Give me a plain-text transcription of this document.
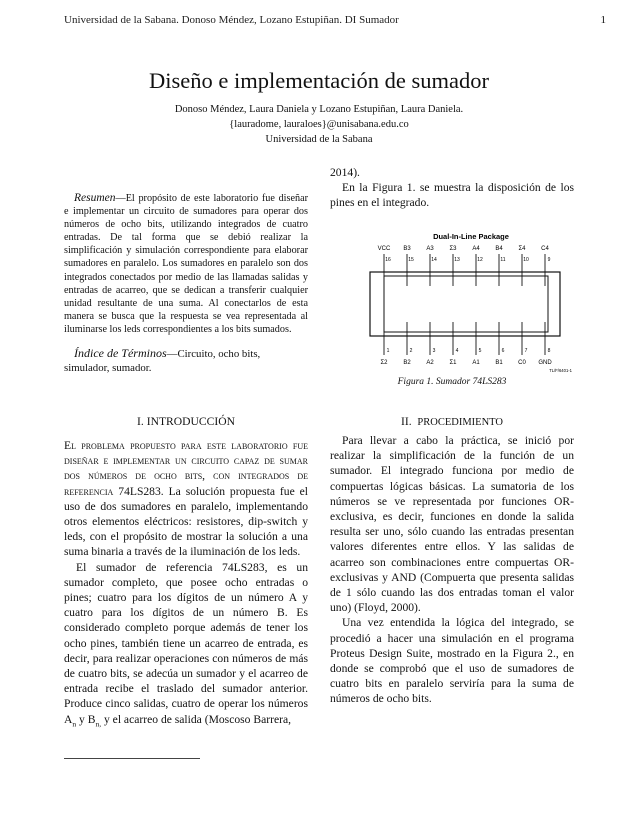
Universidad de la Sabana. Donoso Méndez, Lozano Estupiñan. DI Sumador	1
Diseño e implementación de sumador
Donoso Méndez, Laura Daniela y Lozano Estupiñan, Laura Daniela.
{lauradome, lauraloes}@unisabana.edu.co
Universidad de la Sabana

Resumen—El propósito de este laboratorio fue diseñar e implementar un circuito de sumadores para operar dos números de ocho bits, utilizando integrados de cuatro entradas. De tal forma que se debió realizar la simplificación y simulación correspondiente para elaborar sumadores en paralelo. Los sumadores en paralelo son dos integrados conectados por medio de las llamadas salidas y entradas de acarreo, que se dedican a transferir cualquier unidad resultante de una suma. Al conectarlos de esta manera se busca que la respuesta se vea representada al iluminarse los leds correspondientes a los bits sumados.

Índice de Términos—Circuito, ocho bits, simulador, sumador.
I. INTRODUCCIÓN

El problema propuesto para este laboratorio fue diseñar e implementar un circuito capaz de sumar dos números de ocho bits, con integrados de referencia 74LS283. La solución propuesta fue el uso de dos sumadores en paralelo, implementando otros elementos eléctricos: resistores, dip-switch y leds, con el propósito de mostrar la solución a una suma binaria a través de la iluminación de los leds.

El sumador de referencia 74LS283, es un sumador completo, que posee ocho entradas o pines; cuatro para los dígitos de un número A y cuatro para los dígitos de un número B. Es considerado completo porque además de tener los ocho pines, también tiene un acarreo de entrada, es decir, para realizar operaciones con números de más de cuatro bits, se adecúa un sumador y el acarreo de entrada recibe el traslado del sumador anterior. Produce cinco salidas, cuatro de operar los números $A_n$ y $B_{n,}$ y el acarreo de salida (Moscoso Barrera,

2014).

En la Figura 1. se muestra la disposición de los pines en el integrado.

Dual-In-Line Package
VCC B3	A3	Σ3	A4	B4	Σ4	C4
16	15	14	13	12	11	10	9
1	2	3	4	5	6	7	8
Σ2	B2	A2	Σ1	A1	B1	C0 GND
TL/F/6401-1
Figura 1. Sumador 74LS283
II. PROCEDIMIENTO

Para llevar a cabo la práctica, se inició por realizar la simplificación de la función de un sumador. El integrado funciona por medio de compuertas lógicas básicas. La sumatoria de los números se ve representada por funciones OR-exclusiva, es decir, funciones en donde la salida resulta ser uno, sólo cuando las entradas presentan valores diferentes entre ellos. Y las salidas de acarreo son combinaciones entre compuertas OR-exclusivas y AND (Compuerta que presenta salidas de 1 sólo cuando las dos entradas toman el valor uno) (Floyd, 2000).

Una vez entendida la lógica del integrado, se procedió a hacer una simulación en el programa Proteus Design Suite, mostrado en la Figura 2., en donde se comprobó que el uso de sumadores de cuatro bits en paralelo serviría para la suma de números de ocho bits.
